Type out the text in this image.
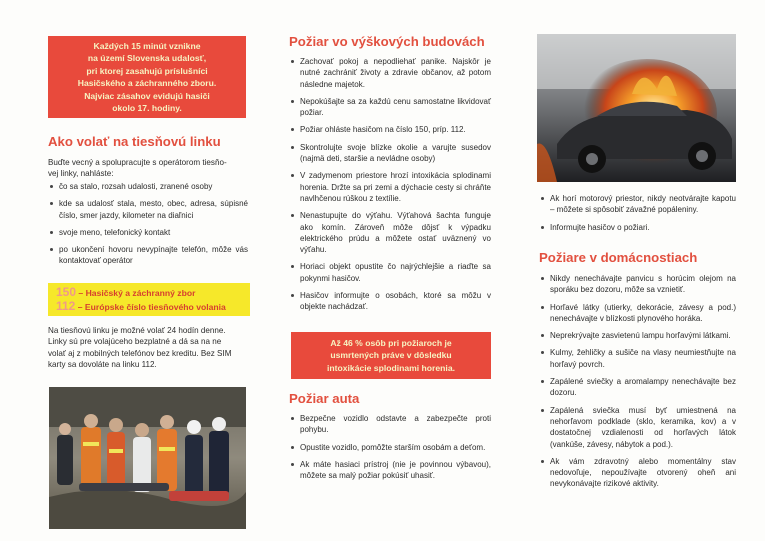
Každých 15 minút vznikne
na území Slovenska udalosť,
pri ktorej zasahujú príslušníci
Hasičského a záchranného zboru.
Najviac zásahov evidujú hasiči
okolo 17. hodiny.
Ako volať na tiesňovú linku
Buďte vecný a spolupracujte s operátorom tiesňo-
vej linky, nahláste:
čo sa stalo, rozsah udalosti, zranené osoby
kde sa udalosť stala, mesto, obec, adresa, súpisné číslo, smer jazdy, kilometer na diaľnici
svoje meno, telefonický kontakt
po ukončení hovoru nevypínajte telefón, môže vás kontaktovať operátor
150 – Hasičský a záchranný zbor
112 – Európske číslo tiesňového volania
Na tiesňovú linku je možné volať 24 hodín denne.
Linky sú pre volajúceho bezplatné a dá sa na ne
volať aj z mobilných telefónov bez kreditu. Bez SIM
karty sa dovoláte na linku 112.
Požiar vo výškových budovách
Zachovať pokoj a nepodliehať panike. Najskôr je nutné zachrániť životy a zdravie občanov, až potom následne majetok.
Nepokúšajte sa za každú cenu samostatne likvidovať požiar.
Požiar ohláste hasičom na číslo 150, príp. 112.
Skontrolujte svoje blízke okolie a varujte susedov (najmä deti, staršie a nevládne osoby)
V zadymenom priestore hrozí intoxikácia splodinami horenia. Držte sa pri zemi a dýchacie cesty si chráňte navlhčenou rúškou z textílie.
Nenastupujte do výťahu. Výťahová šachta funguje ako komín. Zároveň môže dôjsť k výpadku elektrického prúdu a môžete ostať uväznený vo výťahu.
Horiaci objekt opustite čo najrýchlejšie a riaďte sa pokynmi hasičov.
Hasičov informujte o osobách, ktoré sa môžu v objekte nachádzať.
Až 46 % osôb pri požiaroch je
usmrtených práve v dôsledku
intoxikácie splodinami horenia.
Požiar auta
Bezpečne vozidlo odstavte a zabezpečte proti pohybu.
Opustite vozidlo, pomôžte starším osobám a deťom.
Ak máte hasiaci prístroj (nie je povinnou výbavou), môžete sa malý požiar pokúsiť uhasiť.
Ak horí motorový priestor, nikdy neotvárajte kapotu – môžete si spôsobiť závažné popáleniny.
Informujte hasičov o požiari.
Požiare v domácnostiach
Nikdy nenechávajte panvicu s horúcim olejom na sporáku bez dozoru, môže sa vznietiť.
Horľavé látky (utierky, dekorácie, závesy a pod.) nenechávajte v blízkosti plynového horáka.
Neprekrývajte zasvietenú lampu horľavými látkami.
Kulmy, žehličky a sušiče na vlasy neumiestňujte na horľavý povrch.
Zapálené sviečky a aromalampy nenechávajte bez dozoru.
Zapálená sviečka musí byť umiestnená na nehorľavom podklade (sklo, keramika, kov) a v dostatočnej vzdialenosti od horľavých látok (vankúše, závesy, nábytok a pod.).
Ak vám zdravotný alebo momentálny stav nedovoľuje, nepoužívajte otvorený oheň ani nevykonávajte rizikové aktivity.
